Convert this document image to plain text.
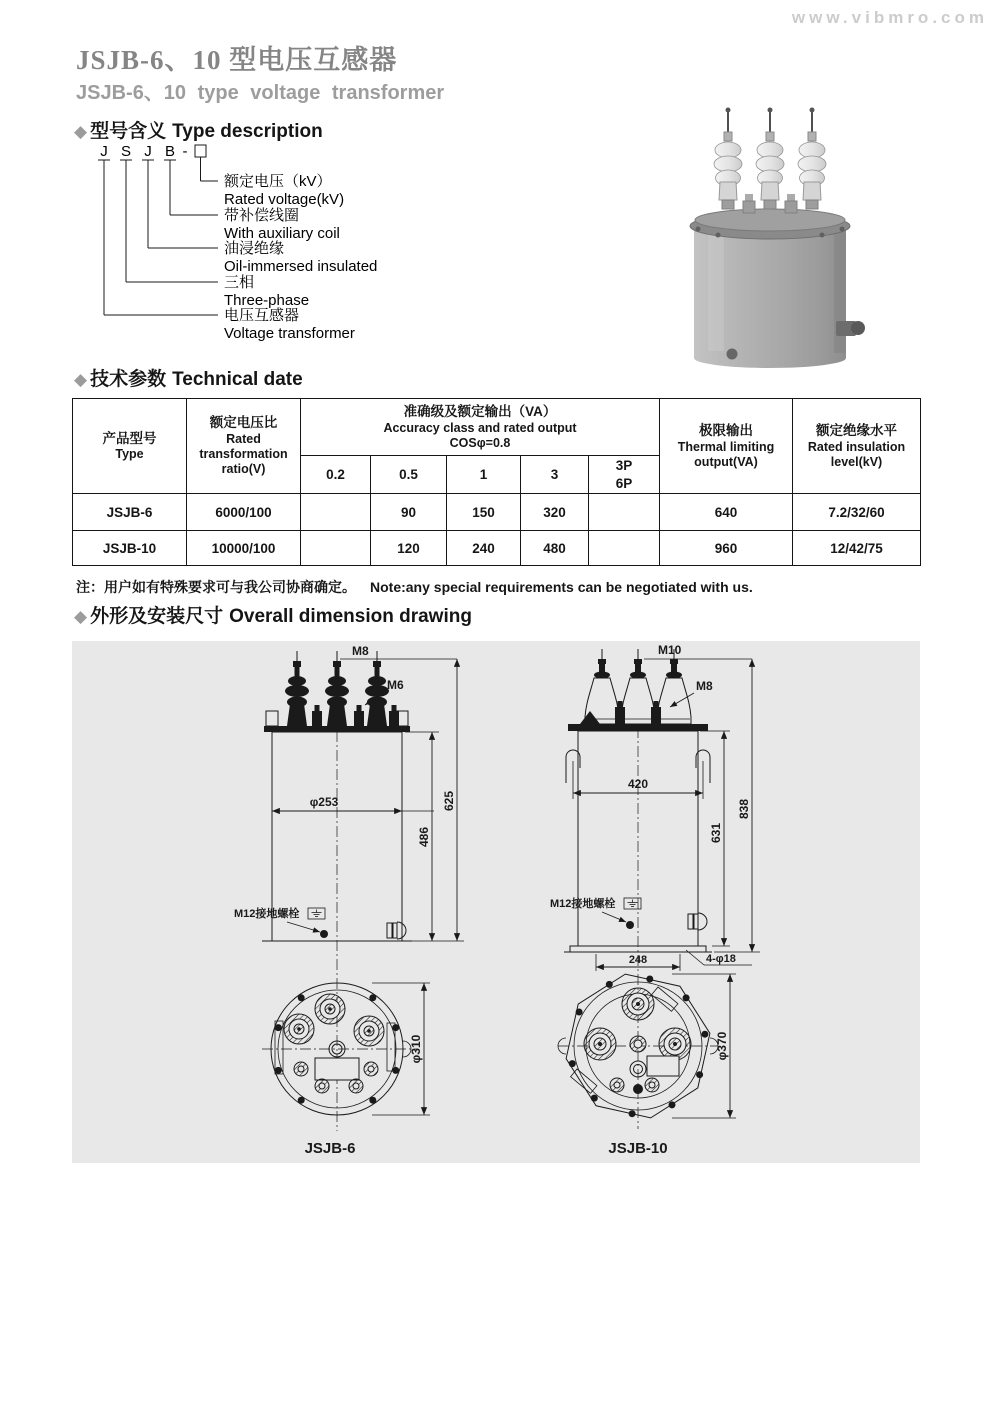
www.vibmro.com
JSJB-6、10 型电压互感器
JSJB-6、10 type voltage transformer
◆ 型号含义 Type description
J S J B -
额定电压（kV）
Rated voltage(kV)
带补偿线圈
With auxiliary coil
油浸绝缘
Oil-immersed insulated
三相
Three-phase
电压互感器
Voltage transformer
◆ 技术参数 Technical date
产品型号
Type

额定电压比
Rated
transformation
ratio(V)

准确级及额定输出（VA）
Accuracy class and rated output
COSφ=0.8

极限输出
Thermal limiting
output(VA)

额定绝缘水平
Rated insulation
level(kV)

		0.2	0.5	1	3	3P
6P		

JSJB-6	6000/100		90	150	320		640	7.2/32/60
JSJB-10	10000/100		120	240	480		960	12/42/75
注：用户如有特殊要求可与我公司协商确定。 Note:any special requirements can be negotiated with us.
◆ 外形及安装尺寸 Overall dimension drawing
M8
M6
φ253
486
625
M12接地螺栓
φ310
JSJB-6
M10
M8
420
838
631
M12接地螺栓
248	4-φ18
φ370
JSJB-10
